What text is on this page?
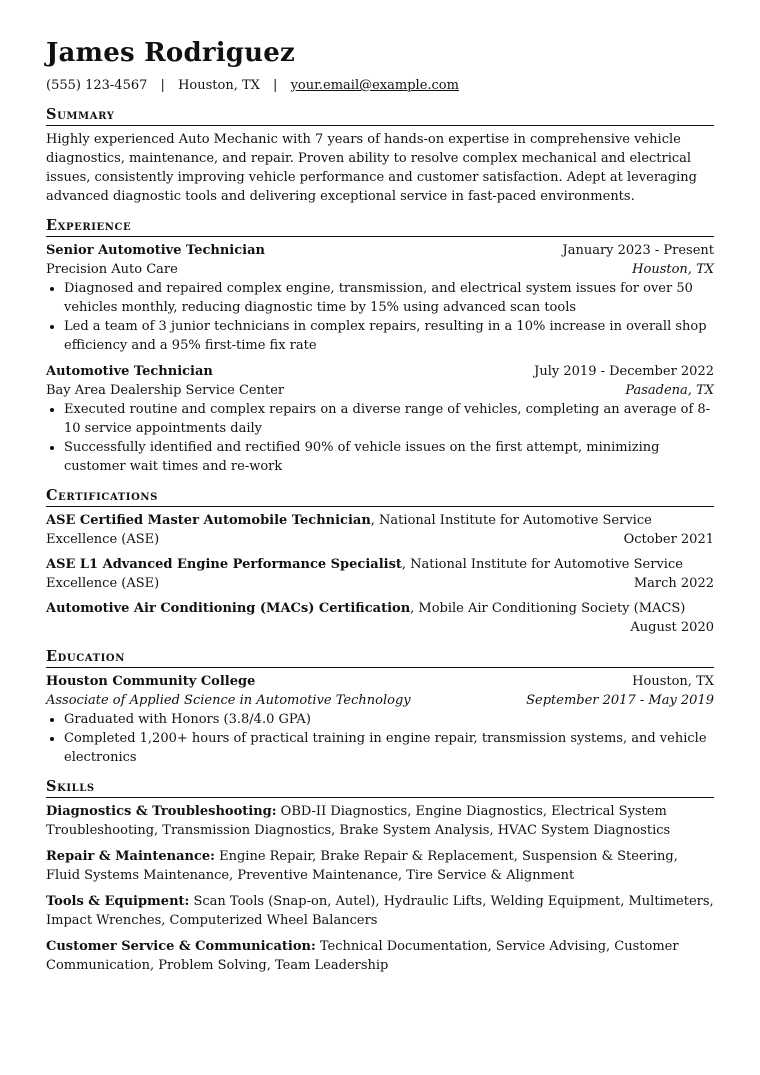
James Rodriguez
(555) 123-4567 | Houston, TX | your.email@example.com
Summary

Highly experienced Auto Mechanic with 7 years of hands-on expertise in comprehensive vehicle diagnostics, maintenance, and repair. Proven ability to resolve complex mechanical and electrical issues, consistently improving vehicle performance and customer satisfaction. Adept at leveraging advanced diagnostic tools and delivering exceptional service in fast-paced environments.

Experience
Senior Automotive Technician	January 2023 - Present
Precision Auto Care	Houston, TX
• Diagnosed and repaired complex engine, transmission, and electrical system issues for over 50 vehicles monthly, reducing diagnostic time by 15% using advanced scan tools
• Led a team of 3 junior technicians in complex repairs, resulting in a 10% increase in overall shop efficiency and a 95% first-time fix rate
Automotive Technician	July 2019 - December 2022
Bay Area Dealership Service Center	Pasadena, TX
• Executed routine and complex repairs on a diverse range of vehicles, completing an average of 8-10 service appointments daily
• Successfully identified and rectified 90% of vehicle issues on the first attempt, minimizing customer wait times and re-work
Certifications
ASE Certified Master Automobile Technician, National Institute for Automotive Service Excellence (ASE)	October 2021
ASE L1 Advanced Engine Performance Specialist, National Institute for Automotive Service Excellence (ASE)	March 2022
Automotive Air Conditioning (MACs) Certification, Mobile Air Conditioning Society (MACS)
August 2020
Education
Houston Community College	Houston, TX
Associate of Applied Science in Automotive Technology	September 2017 - May 2019
• Graduated with Honors (3.8/4.0 GPA)
• Completed 1,200+ hours of practical training in engine repair, transmission systems, and vehicle electronics
Skills
Diagnostics & Troubleshooting: OBD-II Diagnostics, Engine Diagnostics, Electrical System Troubleshooting, Transmission Diagnostics, Brake System Analysis, HVAC System Diagnostics
Repair & Maintenance: Engine Repair, Brake Repair & Replacement, Suspension & Steering, Fluid Systems Maintenance, Preventive Maintenance, Tire Service & Alignment
Tools & Equipment: Scan Tools (Snap-on, Autel), Hydraulic Lifts, Welding Equipment, Multimeters, Impact Wrenches, Computerized Wheel Balancers
Customer Service & Communication: Technical Documentation, Service Advising, Customer Communication, Problem Solving, Team Leadership
